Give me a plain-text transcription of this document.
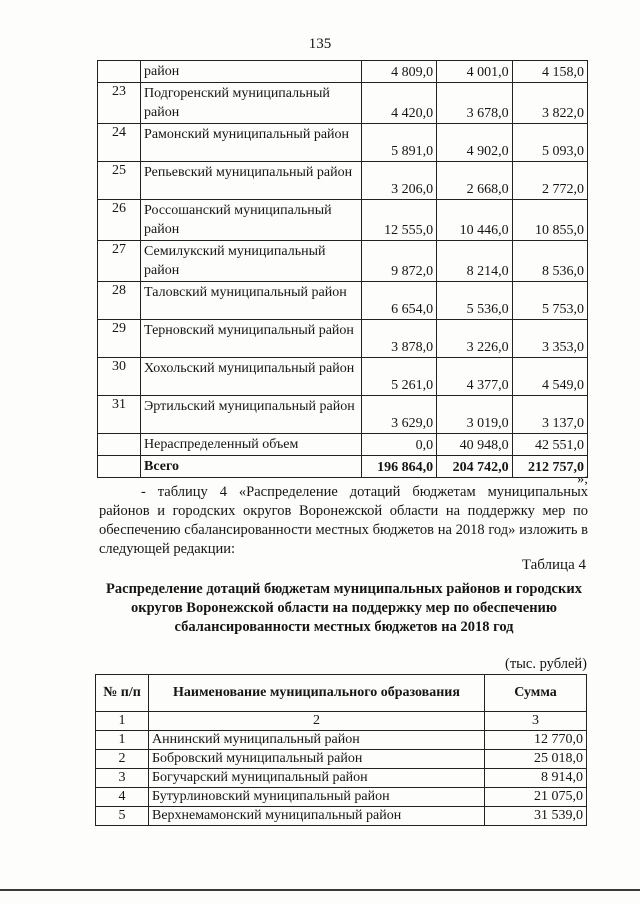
135
	район	4 809,0	4 001,0	4 158,0
23	Подгоренский муниципальный район	4 420,0	3 678,0	3 822,0
24	Рамонский муниципальный район	5 891,0	4 902,0	5 093,0
25	Репьевский муниципальный район	3 206,0	2 668,0	2 772,0
26	Россошанский муниципальный район	12 555,0	10 446,0	10 855,0
27	Семилукский муниципальный район	9 872,0	8 214,0	8 536,0
28	Таловский муниципальный район	6 654,0	5 536,0	5 753,0
29	Терновский муниципальный район	3 878,0	3 226,0	3 353,0
30	Хохольский муниципальный район	5 261,0	4 377,0	4 549,0
31	Эртильский муниципальный район	3 629,0	3 019,0	3 137,0
	Нераспределенный объем	0,0	40 948,0	42 551,0
	Всего	196 864,0	204 742,0	212 757,0
»;
- таблицу 4 «Распределение дотаций бюджетам муниципальных районов и городских округов Воронежской области на поддержку мер по обеспечению сбалансированности местных бюджетов на 2018 год» изложить в следующей редакции:
Таблица 4
Распределение дотаций бюджетам муниципальных районов и городских округов Воронежской области на поддержку мер по обеспечению сбалансированности местных бюджетов на 2018 год
(тыс. рублей)
№ п/п	Наименование муниципального образования	Сумма
1	2	3
1	Аннинский муниципальный район	12 770,0
2	Бобровский муниципальный район	25 018,0
3	Богучарский муниципальный район	8 914,0
4	Бутурлиновский муниципальный район	21 075,0
5	Верхнемамонский муниципальный район	31 539,0
